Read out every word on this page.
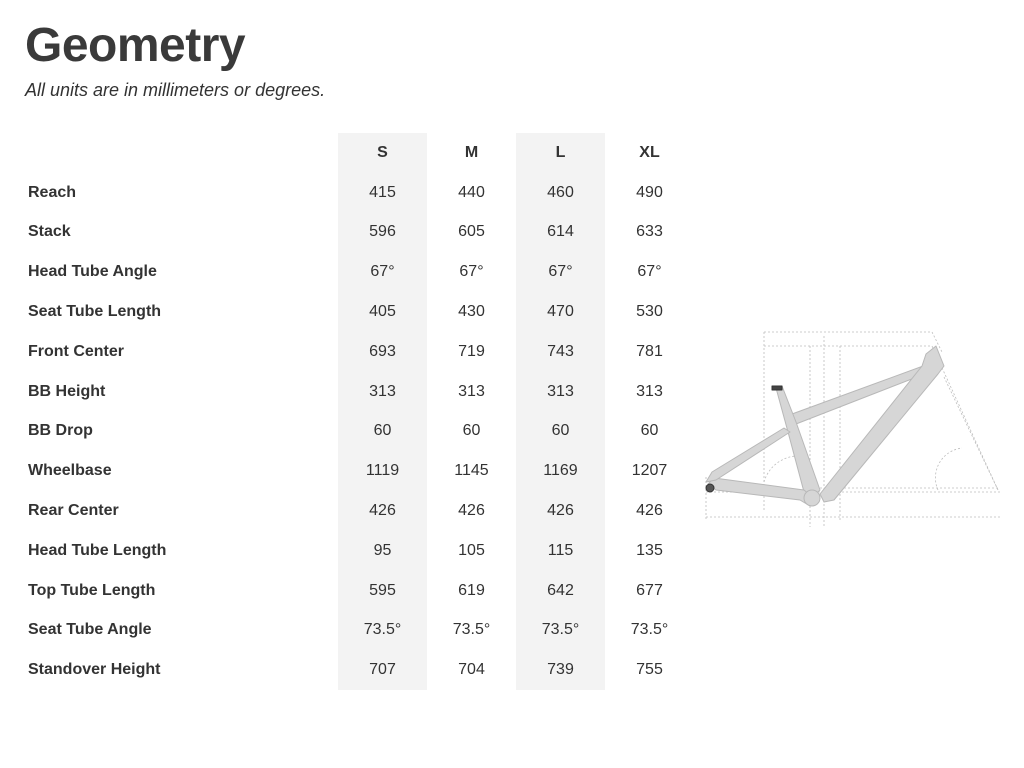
Geometry

All units are in millimeters or degrees.

	S	M	L	XL
Reach	415	440	460	490
Stack	596	605	614	633
Head Tube Angle	67°	67°	67°	67°
Seat Tube Length	405	430	470	530
Front Center	693	719	743	781
BB Height	313	313	313	313
BB Drop	60	60	60	60
Wheelbase	1119	1145	1169	1207
Rear Center	426	426	426	426
Head Tube Length	95	105	115	135
Top Tube Length	595	619	642	677
Seat Tube Angle	73.5°	73.5°	73.5°	73.5°
Standover Height	707	704	739	755
